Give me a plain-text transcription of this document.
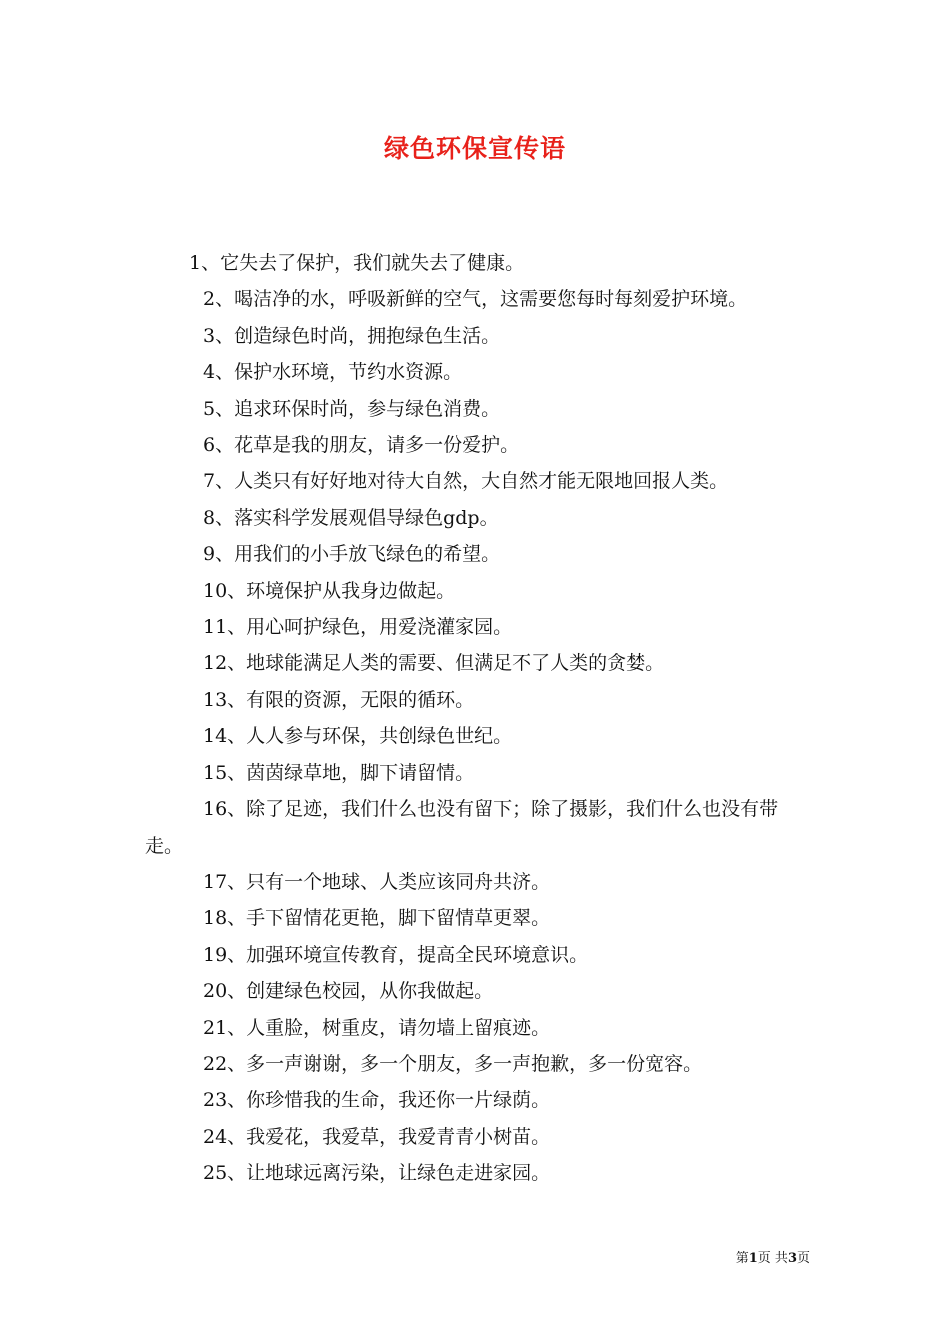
绿色环保宣传语

1、它失去了保护，我们就失去了健康。

2、喝洁净的水，呼吸新鲜的空气，这需要您每时每刻爱护环境。

3、创造绿色时尚，拥抱绿色生活。

4、保护水环境，节约水资源。

5、追求环保时尚，参与绿色消费。

6、花草是我的朋友，请多一份爱护。

7、人类只有好好地对待大自然，大自然才能无限地回报人类。

8、落实科学发展观倡导绿色gdp。

9、用我们的小手放飞绿色的希望。

10、环境保护从我身边做起。

11、用心呵护绿色，用爱浇灌家园。

12、地球能满足人类的需要、但满足不了人类的贪婪。

13、有限的资源，无限的循环。

14、人人参与环保，共创绿色世纪。

15、茵茵绿草地，脚下请留情。

16、除了足迹，我们什么也没有留下；除了摄影，我们什么也没有带走。

17、只有一个地球、人类应该同舟共济。

18、手下留情花更艳，脚下留情草更翠。

19、加强环境宣传教育，提高全民环境意识。

20、创建绿色校园，从你我做起。

21、人重脸，树重皮，请勿墙上留痕迹。

22、多一声谢谢，多一个朋友，多一声抱歉，多一份宽容。

23、你珍惜我的生命，我还你一片绿荫。

24、我爱花，我爱草，我爱青青小树苗。

25、让地球远离污染，让绿色走进家园。

第1页 共3页
